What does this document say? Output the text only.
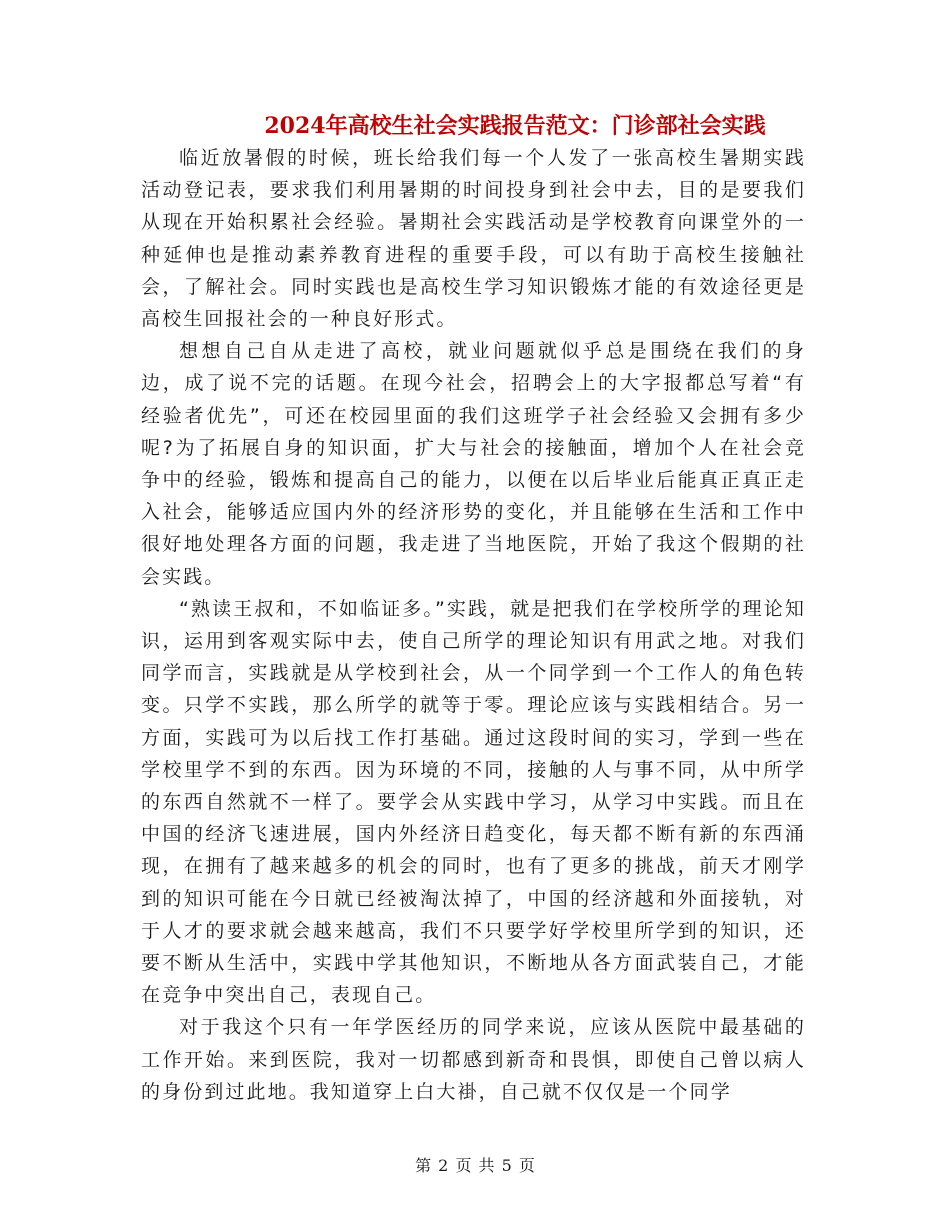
2024年高校生社会实践报告范文：门诊部社会实践

临近放暑假的时候，班长给我们每一个人发了一张高校生暑期实践活动登记表，要求我们利用暑期的时间投身到社会中去，目的是要我们从现在开始积累社会经验。暑期社会实践活动是学校教育向课堂外的一种延伸也是推动素养教育进程的重要手段，可以有助于高校生接触社会，了解社会。同时实践也是高校生学习知识锻炼才能的有效途径更是高校生回报社会的一种良好形式。

想想自己自从走进了高校，就业问题就似乎总是围绕在我们的身边，成了说不完的话题。在现今社会，招聘会上的大字报都总写着“有经验者优先”，可还在校园里面的我们这班学子社会经验又会拥有多少呢?为了拓展自身的知识面，扩大与社会的接触面，增加个人在社会竞争中的经验，锻炼和提高自己的能力，以便在以后毕业后能真正真正走入社会，能够适应国内外的经济形势的变化，并且能够在生活和工作中很好地处理各方面的问题，我走进了当地医院，开始了我这个假期的社会实践。

“熟读王叔和，不如临证多。”实践，就是把我们在学校所学的理论知识，运用到客观实际中去，使自己所学的理论知识有用武之地。对我们同学而言，实践就是从学校到社会，从一个同学到一个工作人的角色转变。只学不实践，那么所学的就等于零。理论应该与实践相结合。另一方面，实践可为以后找工作打基础。通过这段时间的实习，学到一些在学校里学不到的东西。因为环境的不同，接触的人与事不同，从中所学的东西自然就不一样了。要学会从实践中学习，从学习中实践。而且在中国的经济飞速进展，国内外经济日趋变化，每天都不断有新的东西涌现，在拥有了越来越多的机会的同时，也有了更多的挑战，前天才刚学到的知识可能在今日就已经被淘汰掉了，中国的经济越和外面接轨，对于人才的要求就会越来越高，我们不只要学好学校里所学到的知识，还要不断从生活中，实践中学其他知识，不断地从各方面武装自己，才能在竞争中突出自己，表现自己。

对于我这个只有一年学医经历的同学来说，应该从医院中最基础的工作开始。来到医院，我对一切都感到新奇和畏惧，即使自己曾以病人的身份到过此地。我知道穿上白大褂，自己就不仅仅是一个同学

第 2 页 共 5 页
